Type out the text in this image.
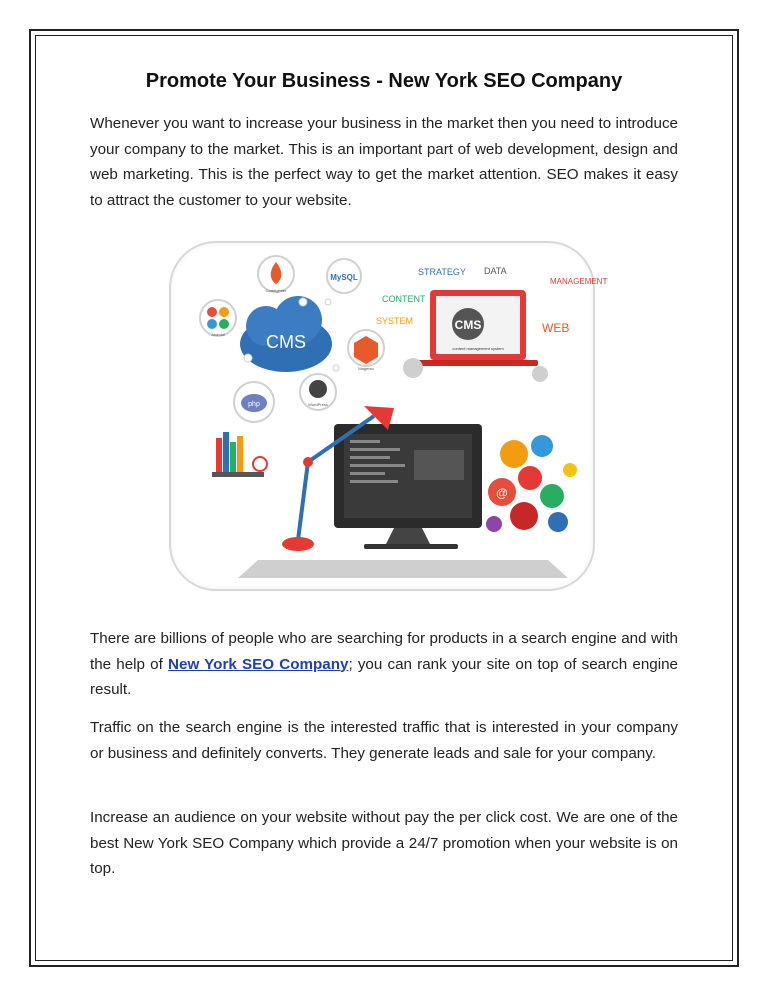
Promote Your Business - New York SEO Company

Whenever you want to increase your business in the market then you need to introduce your company to the market. This is an important part of web development, design and web marketing. This is the perfect way to get the market attention. SEO makes it easy to attract the customer to your website.

CMS
CodeIgniter
MySQL
Joomla!
Magento
php	WordPress
CMS
content management system
STRATEGY DATA
MANAGEMENT
CONTENT
SYSTEM	WEB
@

There are billions of people who are searching for products in a search engine and with the help of New York SEO Company; you can rank your site on top of search engine result.

Traffic on the search engine is the interested traffic that is interested in your company or business and definitely converts. They generate leads and sale for your company.

Increase an audience on your website without pay the per click cost. We are one of the best New York SEO Company which provide a 24/7 promotion when your website is on top.
